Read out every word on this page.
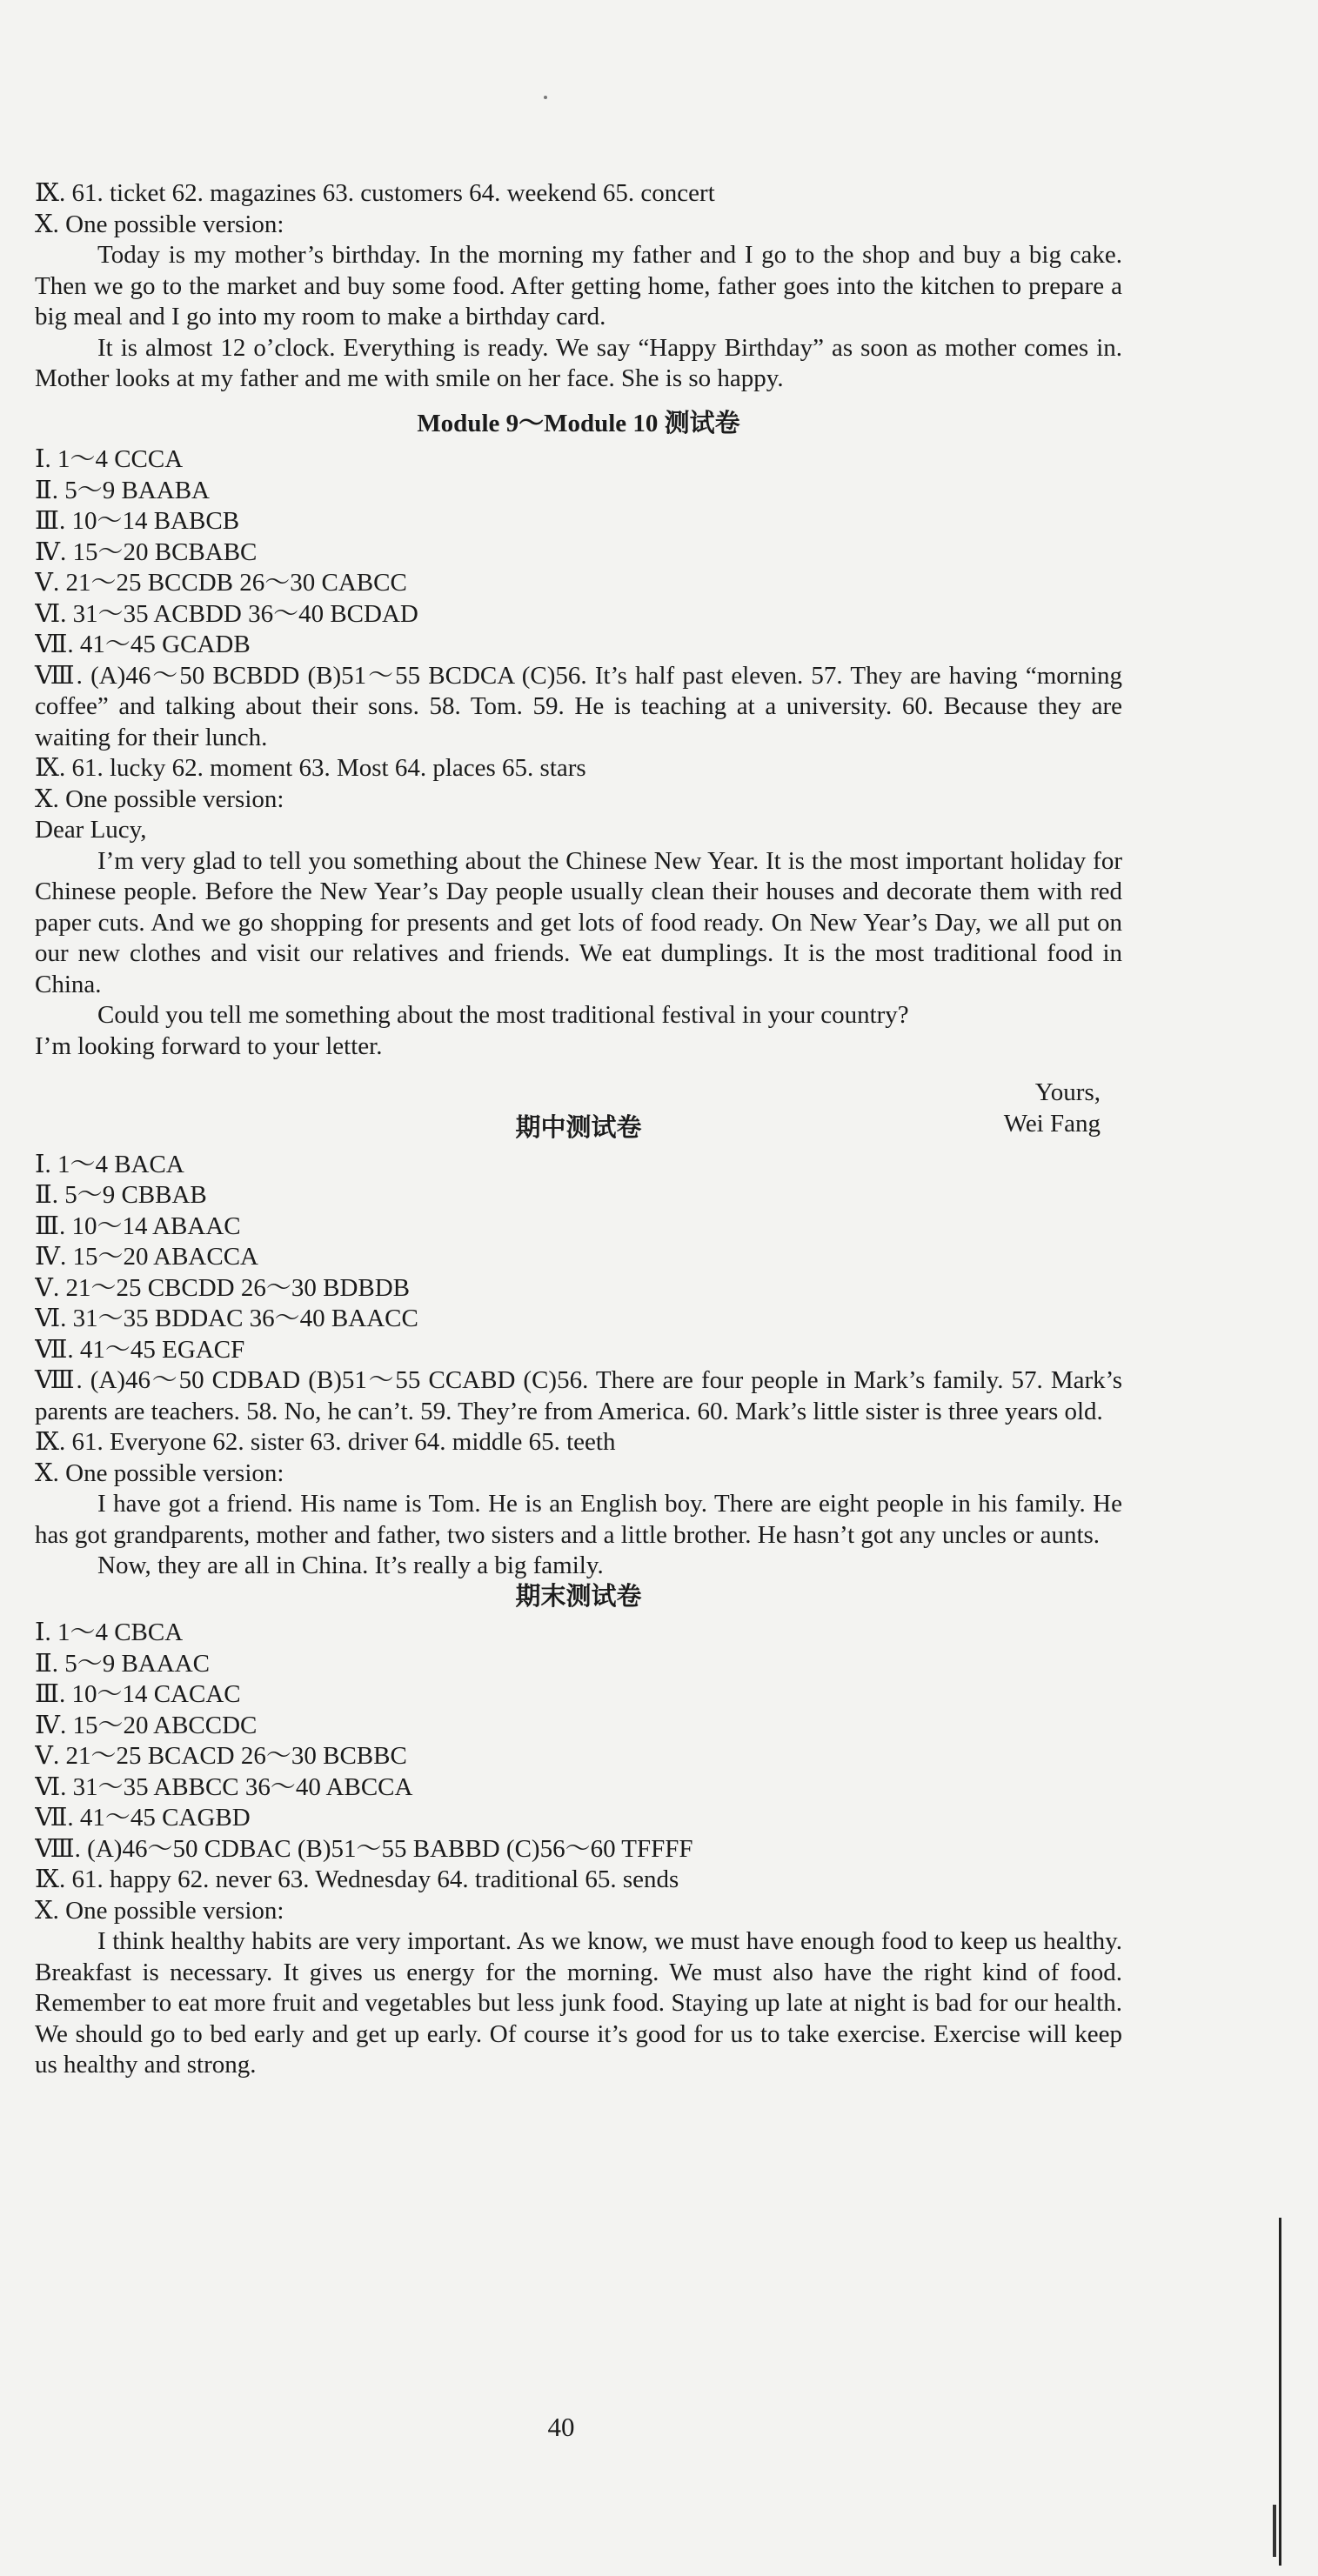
Ⅸ. 61. ticket 62. magazines 63. customers 64. weekend 65. concert
Ⅹ. One possible version:
Today is my mother’s birthday. In the morning my father and I go to the shop and buy a big cake. Then we go to the market and buy some food. After getting home, father goes into the kitchen to prepare a big meal and I go into my room to make a birthday card.
It is almost 12 o’clock. Everything is ready. We say “Happy Birthday” as soon as mother comes in. Mother looks at my father and me with smile on her face. She is so happy.
Module 9～Module 10 测试卷
Ⅰ. 1～4 CCCA
Ⅱ. 5～9 BAABA
Ⅲ. 10～14 BABCB
Ⅳ. 15～20 BCBABC
Ⅴ. 21～25 BCCDB 26～30 CABCC
Ⅵ. 31～35 ACBDD 36～40 BCDAD
Ⅶ. 41～45 GCADB
Ⅷ. (A)46～50 BCBDD (B)51～55 BCDCA (C)56. It’s half past eleven. 57. They are having “morning coffee” and talking about their sons. 58. Tom. 59. He is teaching at a university. 60. Because they are waiting for their lunch.
Ⅸ. 61. lucky 62. moment 63. Most 64. places 65. stars
Ⅹ. One possible version:
Dear Lucy,
I’m very glad to tell you something about the Chinese New Year. It is the most important holiday for Chinese people. Before the New Year’s Day people usually clean their houses and decorate them with red paper cuts. And we go shopping for presents and get lots of food ready. On New Year’s Day, we all put on our new clothes and visit our relatives and friends. We eat dumplings. It is the most traditional food in China.
Could you tell me something about the most traditional festival in your country?
I’m looking forward to your letter.
Yours,
Wei Fang
期中测试卷
Ⅰ. 1～4 BACA
Ⅱ. 5～9 CBBAB
Ⅲ. 10～14 ABAAC
Ⅳ. 15～20 ABACCA
Ⅴ. 21～25 CBCDD 26～30 BDBDB
Ⅵ. 31～35 BDDAC 36～40 BAACC
Ⅶ. 41～45 EGACF
Ⅷ. (A)46～50 CDBAD (B)51～55 CCABD (C)56. There are four people in Mark’s family. 57. Mark’s parents are teachers. 58. No, he can’t. 59. They’re from America. 60. Mark’s little sister is three years old.
Ⅸ. 61. Everyone 62. sister 63. driver 64. middle 65. teeth
Ⅹ. One possible version:
I have got a friend. His name is Tom. He is an English boy. There are eight people in his family. He has got grandparents, mother and father, two sisters and a little brother. He hasn’t got any uncles or aunts.
Now, they are all in China. It’s really a big family.
期末测试卷
Ⅰ. 1～4 CBCA
Ⅱ. 5～9 BAAAC
Ⅲ. 10～14 CACAC
Ⅳ. 15～20 ABCCDC
Ⅴ. 21～25 BCACD 26～30 BCBBC
Ⅵ. 31～35 ABBCC 36～40 ABCCA
Ⅶ. 41～45 CAGBD
Ⅷ. (A)46～50 CDBAC (B)51～55 BABBD (C)56～60 TFFFF
Ⅸ. 61. happy 62. never 63. Wednesday 64. traditional 65. sends
Ⅹ. One possible version:
I think healthy habits are very important. As we know, we must have enough food to keep us healthy. Breakfast is necessary. It gives us energy for the morning. We must also have the right kind of food. Remember to eat more fruit and vegetables but less junk food. Staying up late at night is bad for our health. We should go to bed early and get up early. Of course it’s good for us to take exercise. Exercise will keep us healthy and strong.
40
